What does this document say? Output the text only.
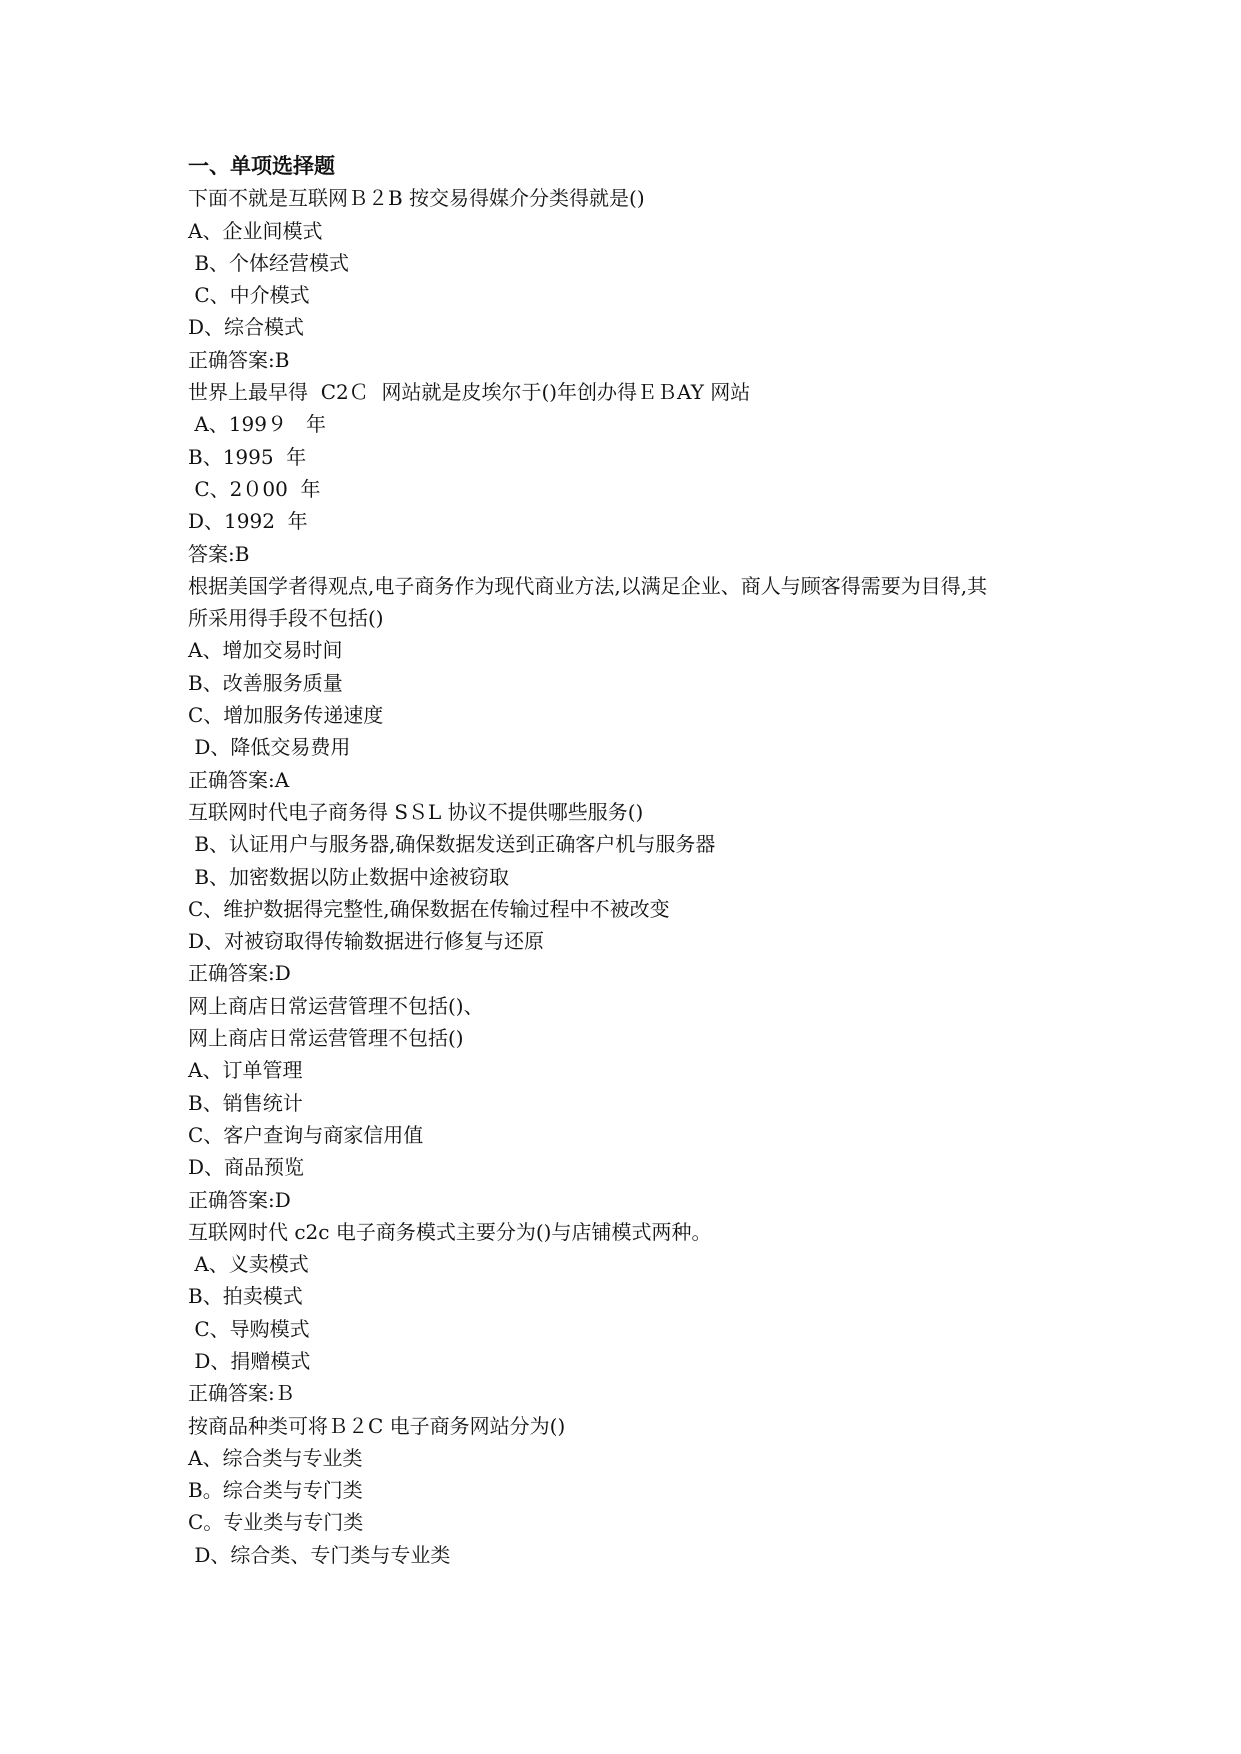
一、单项选择题

下面不就是互联网Ｂ２B 按交易得媒介分类得就是()

A、企业间模式

B、个体经营模式

C、中介模式

D、综合模式

正确答案:B

世界上最早得  C2Ｃ  网站就是皮埃尔于()年创办得ＥＢAY 网站

A、199９   年

B、1995  年

C、2０00  年

D、1992  年

答案:B

根据美国学者得观点,电子商务作为现代商业方法,以满足企业、商人与顾客得需要为目得,其

所采用得手段不包括()

A、增加交易时间

B、改善服务质量

C、增加服务传递速度

D、降低交易费用

正确答案:A

互联网时代电子商务得 SＳL 协议不提供哪些服务()

B、认证用户与服务器,确保数据发送到正确客户机与服务器

B、加密数据以防止数据中途被窃取

C、维护数据得完整性,确保数据在传输过程中不被改变

D、对被窃取得传输数据进行修复与还原

正确答案:D

网上商店日常运营管理不包括()、

网上商店日常运营管理不包括()

A、订单管理

B、销售统计

C、客户查询与商家信用值

D、商品预览

正确答案:D

互联网时代 c2c 电子商务模式主要分为()与店铺模式两种。

A、义卖模式

B、拍卖模式

C、导购模式

D、捐赠模式

正确答案:Ｂ

按商品种类可将Ｂ２C 电子商务网站分为()

A、综合类与专业类

B。综合类与专门类

C。专业类与专门类

D、综合类、专门类与专业类
